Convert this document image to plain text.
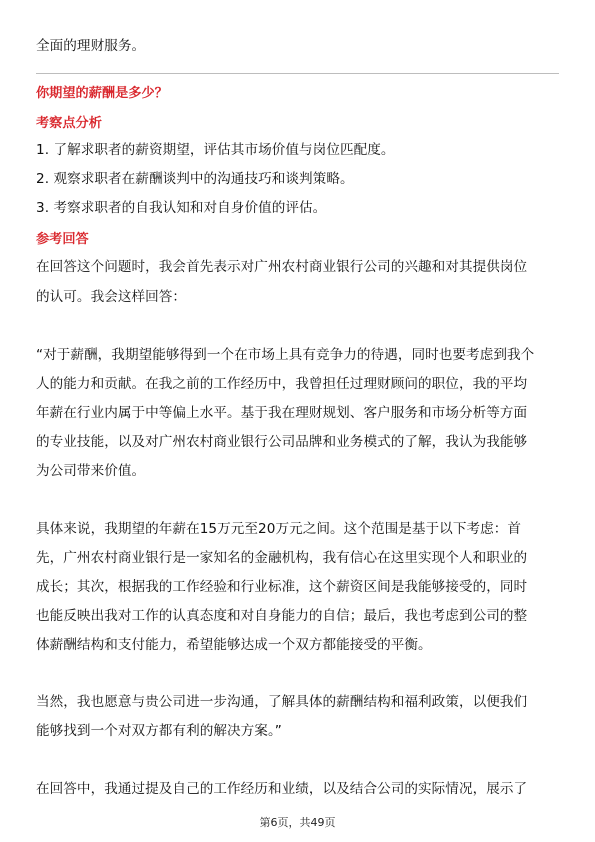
全面的理财服务。
你期望的薪酬是多少？
考察点分析
1. 了解求职者的薪资期望，评估其市场价值与岗位匹配度。
2. 观察求职者在薪酬谈判中的沟通技巧和谈判策略。
3. 考察求职者的自我认知和对自身价值的评估。
参考回答
在回答这个问题时，我会首先表示对广州农村商业银行公司的兴趣和对其提供岗位
的认可。我会这样回答：
“对于薪酬，我期望能够得到一个在市场上具有竞争力的待遇，同时也要考虑到我个
人的能力和贡献。在我之前的工作经历中，我曾担任过理财顾问的职位，我的平均
年薪在行业内属于中等偏上水平。基于我在理财规划、客户服务和市场分析等方面
的专业技能，以及对广州农村商业银行公司品牌和业务模式的了解，我认为我能够
为公司带来价值。
具体来说，我期望的年薪在15万元至20万元之间。这个范围是基于以下考虑：首
先，广州农村商业银行是一家知名的金融机构，我有信心在这里实现个人和职业的
成长；其次，根据我的工作经验和行业标准，这个薪资区间是我能够接受的，同时
也能反映出我对工作的认真态度和对自身能力的自信；最后，我也考虑到公司的整
体薪酬结构和支付能力，希望能够达成一个双方都能接受的平衡。
当然，我也愿意与贵公司进一步沟通，了解具体的薪酬结构和福利政策，以便我们
能够找到一个对双方都有利的解决方案。”
在回答中，我通过提及自己的工作经历和业绩，以及结合公司的实际情况，展示了
第6页，共49页
